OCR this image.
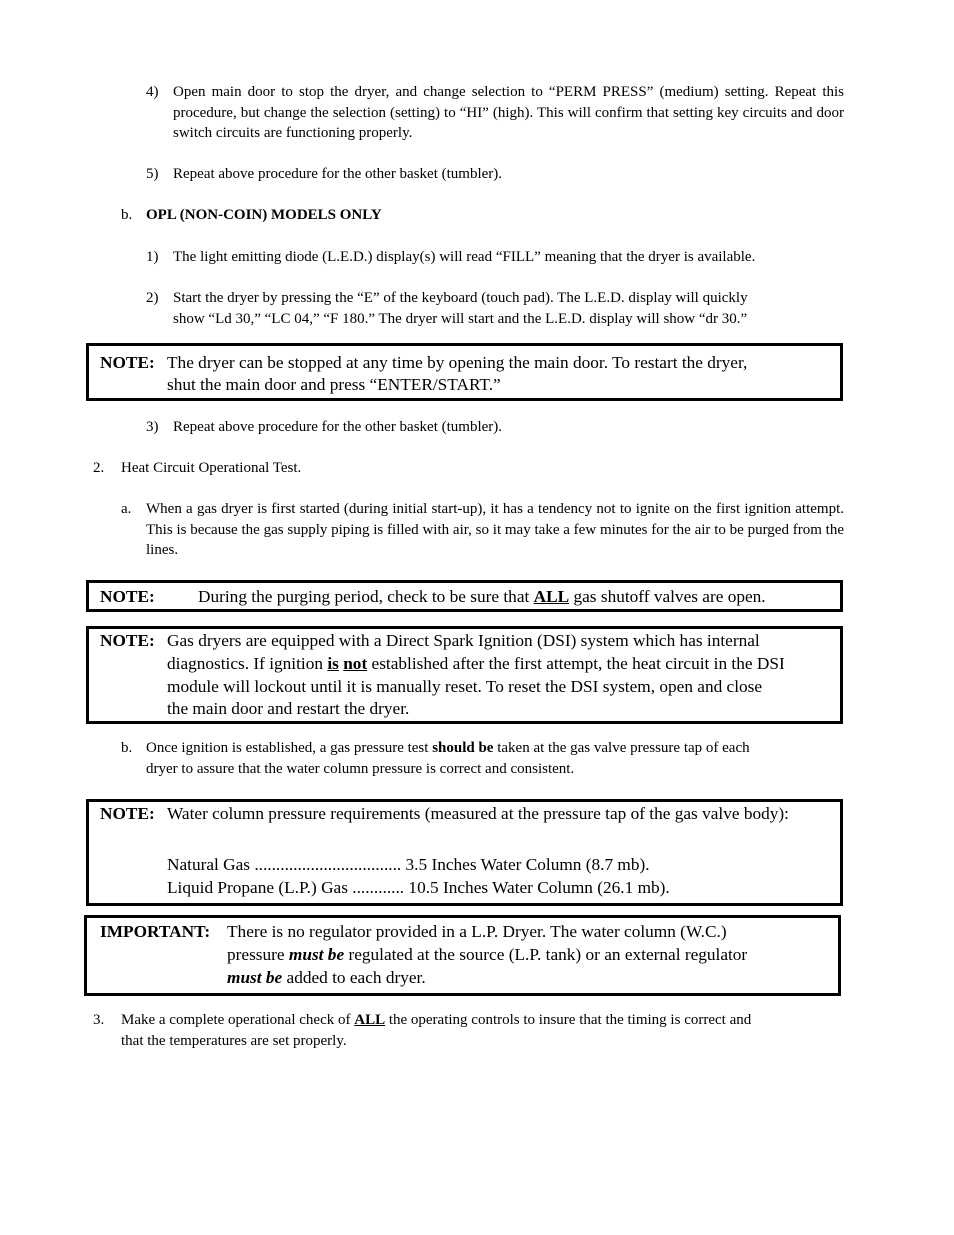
4) Open main door to stop the dryer, and change selection to “PERM PRESS” (medium) setting. Repeat this procedure, but change the selection (setting) to “HI” (high). This will confirm that setting key circuits and door switch circuits are functioning properly.
5) Repeat above procedure for the other basket (tumbler).
b. OPL (NON-COIN) MODELS ONLY
1) The light emitting diode (L.E.D.) display(s) will read “FILL” meaning that the dryer is available.
2) Start the dryer by pressing the “E” of the keyboard (touch pad). The L.E.D. display will quickly
show “Ld 30,” “LC 04,” “F 180.” The dryer will start and the L.E.D. display will show “dr 30.”
NOTE: The dryer can be stopped at any time by opening the main door. To restart the dryer,
shut the main door and press “ENTER/START.”
3) Repeat above procedure for the other basket (tumbler).
2. Heat Circuit Operational Test.
a. When a gas dryer is first started (during initial start-up), it has a tendency not to ignite on the first ignition attempt. This is because the gas supply piping is filled with air, so it may take a few minutes for the air to be purged from the lines.
NOTE:	During the purging period, check to be sure that ALL gas shutoff valves are open.
NOTE: Gas dryers are equipped with a Direct Spark Ignition (DSI) system which has internal
diagnostics. If ignition is not established after the first attempt, the heat circuit in the DSI
module will lockout until it is manually reset. To reset the DSI system, open and close
the main door and restart the dryer.
b. Once ignition is established, a gas pressure test should be taken at the gas valve pressure tap of each
dryer to assure that the water column pressure is correct and consistent.
NOTE: Water column pressure requirements (measured at the pressure tap of the gas valve body):
Natural Gas .................................. 3.5 Inches Water Column (8.7 mb).
Liquid Propane (L.P.) Gas ............ 10.5 Inches Water Column (26.1 mb).
IMPORTANT: There is no regulator provided in a L.P. Dryer. The water column (W.C.)
pressure must be regulated at the source (L.P. tank) or an external regulator
must be added to each dryer.
3. Make a complete operational check of ALL the operating controls to insure that the timing is correct and
that the temperatures are set properly.
